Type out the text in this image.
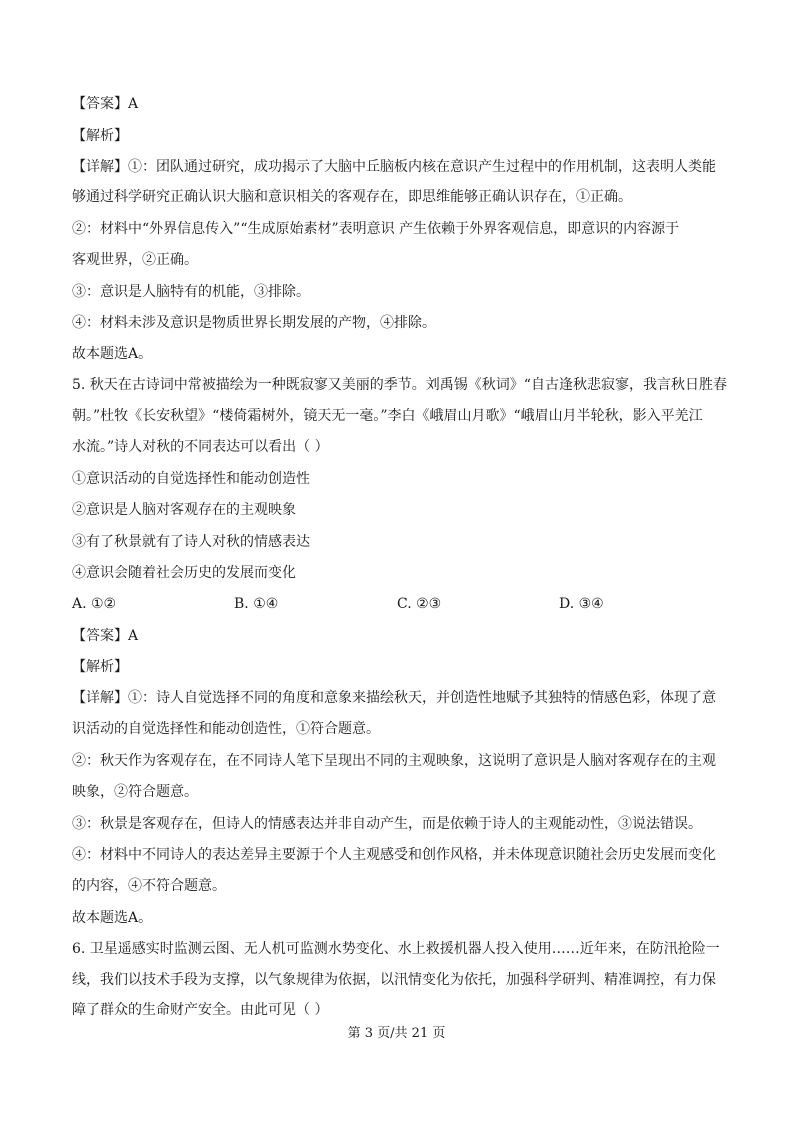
【答案】A
【解析】
【详解】①：团队通过研究，成功揭示了大脑中丘脑板内核在意识产生过程中的作用机制，这表明人类能
够通过科学研究正确认识大脑和意识相关的客观存在，即思维能够正确认识存在，①正确。
②：材料中“外界信息传入”“生成原始素材”表明意识 产生依赖于外界客观信息，即意识的内容源于
客观世界，②正确。
③：意识是人脑特有的机能，③排除。
④：材料未涉及意识是物质世界长期发展的产物，④排除。
故本题选A。
5. 秋天在古诗词中常被描绘为一种既寂寥又美丽的季节。刘禹锡《秋词》“自古逢秋悲寂寥，我言秋日胜春
朝。”杜牧《长安秋望》“楼倚霜树外，镜天无一毫。”李白《峨眉山月歌》“峨眉山月半轮秋，影入平羌江
水流。”诗人对秋的不同表达可以看出（ ）
①意识活动的自觉选择性和能动创造性
②意识是人脑对客观存在的主观映象
③有了秋景就有了诗人对秋的情感表达
④意识会随着社会历史的发展而变化
A. ①②	B. ①④	C. ②③	D. ③④
【答案】A
【解析】
【详解】①：诗人自觉选择不同的角度和意象来描绘秋天，并创造性地赋予其独特的情感色彩，体现了意
识活动的自觉选择性和能动创造性，①符合题意。
②：秋天作为客观存在，在不同诗人笔下呈现出不同的主观映象，这说明了意识是人脑对客观存在的主观
映象，②符合题意。
③：秋景是客观存在，但诗人的情感表达并非自动产生，而是依赖于诗人的主观能动性，③说法错误。
④：材料中不同诗人的表达差异主要源于个人主观感受和创作风格，并未体现意识随社会历史发展而变化
的内容，④不符合题意。
故本题选A。
6. 卫星遥感实时监测云图、无人机可监测水势变化、水上救援机器人投入使用……近年来，在防汛抢险一
线，我们以技术手段为支撑，以气象规律为依据，以汛情变化为依托，加强科学研判、精准调控，有力保
障了群众的生命财产安全。由此可见（ ）
第 3 页/共 21 页
